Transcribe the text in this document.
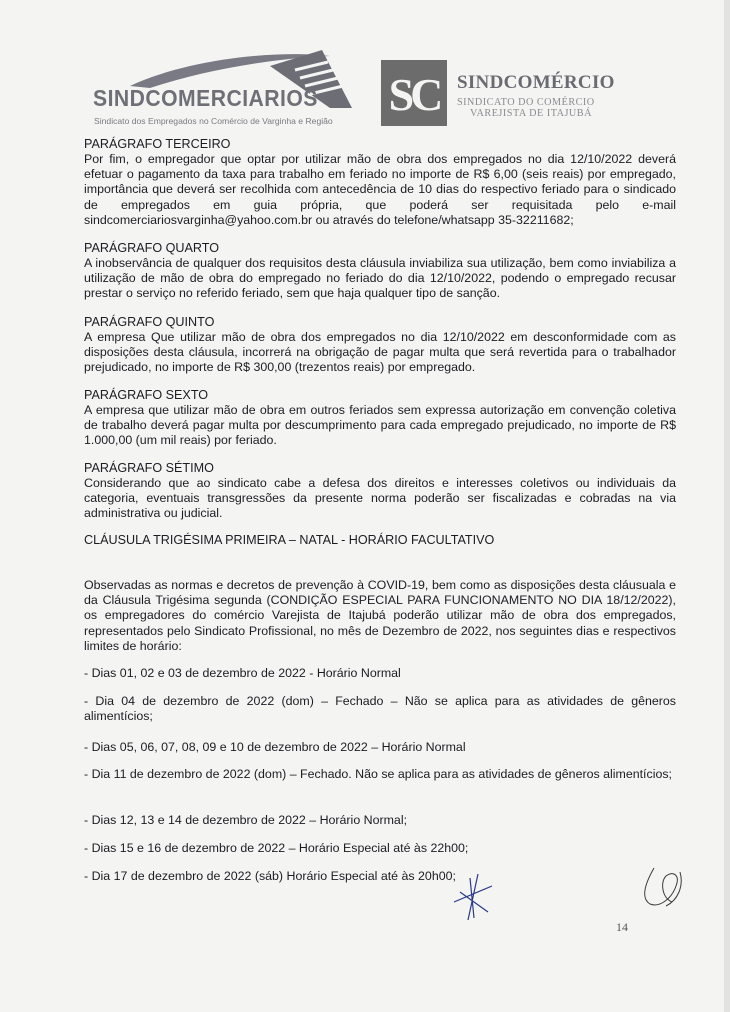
SINDCOMERCIARIOS
Sindicato dos Empregados no Comércio de Varginha e Região
SC SINDCOMÉRCIO
SINDICATO DO COMÉRCIO
VAREJISTA DE ITAJUBÁ
PARÁGRAFO TERCEIRO
Por fim, o empregador que optar por utilizar mão de obra dos empregados no dia 12/10/2022 deverá efetuar o pagamento da taxa para trabalho em feriado no importe de R$ 6,00 (seis reais) por empregado, importância que deverá ser recolhida com antecedência de 10 dias do respectivo feriado para o sindicado de empregados em guia própria, que poderá ser requisitada pelo e-mail sindcomerciariosvarginha@yahoo.com.br ou através do telefone/whatsapp 35-32211682;
PARÁGRAFO QUARTO
A inobservância de qualquer dos requisitos desta cláusula inviabiliza sua utilização, bem como inviabiliza a utilização de mão de obra do empregado no feriado do dia 12/10/2022, podendo o empregado recusar prestar o serviço no referido feriado, sem que haja qualquer tipo de sanção.
PARÁGRAFO QUINTO
A empresa Que utilizar mão de obra dos empregados no dia 12/10/2022 em desconformidade com as disposições desta cláusula, incorrerá na obrigação de pagar multa que será revertida para o trabalhador prejudicado, no importe de R$ 300,00 (trezentos reais) por empregado.
PARÁGRAFO SEXTO
A empresa que utilizar mão de obra em outros feriados sem expressa autorização em convenção coletiva de trabalho deverá pagar multa por descumprimento para cada empregado prejudicado, no importe de R$ 1.000,00 (um mil reais) por feriado.
PARÁGRAFO SÉTIMO
Considerando que ao sindicato cabe a defesa dos direitos e interesses coletivos ou individuais da categoria, eventuais transgressões da presente norma poderão ser fiscalizadas e cobradas na via administrativa ou judicial.
CLÁUSULA TRIGÉSIMA PRIMEIRA – NATAL - HORÁRIO FACULTATIVO
Observadas as normas e decretos de prevenção à COVID-19, bem como as disposições desta cláusuala e da Cláusula Trigésima segunda (CONDIÇÃO ESPECIAL PARA FUNCIONAMENTO NO DIA 18/12/2022), os empregadores do comércio Varejista de Itajubá poderão utilizar mão de obra dos empregados, representados pelo Sindicato Profissional, no mês de Dezembro de 2022, nos seguintes dias e respectivos limites de horário:
- Dias 01, 02 e 03 de dezembro de 2022 - Horário Normal
- Dia 04 de dezembro de 2022 (dom) – Fechado – Não se aplica para as atividades de gêneros alimentícios;
- Dias 05, 06, 07, 08, 09 e 10 de dezembro de 2022 – Horário Normal
- Dia 11 de dezembro de 2022 (dom) – Fechado. Não se aplica para as atividades de gêneros alimentícios;
- Dias 12, 13 e 14 de dezembro de 2022 – Horário Normal;
- Dias 15 e 16 de dezembro de 2022 – Horário Especial até às 22h00;
- Dia 17 de dezembro de 2022 (sáb) Horário Especial até às 20h00;
14
